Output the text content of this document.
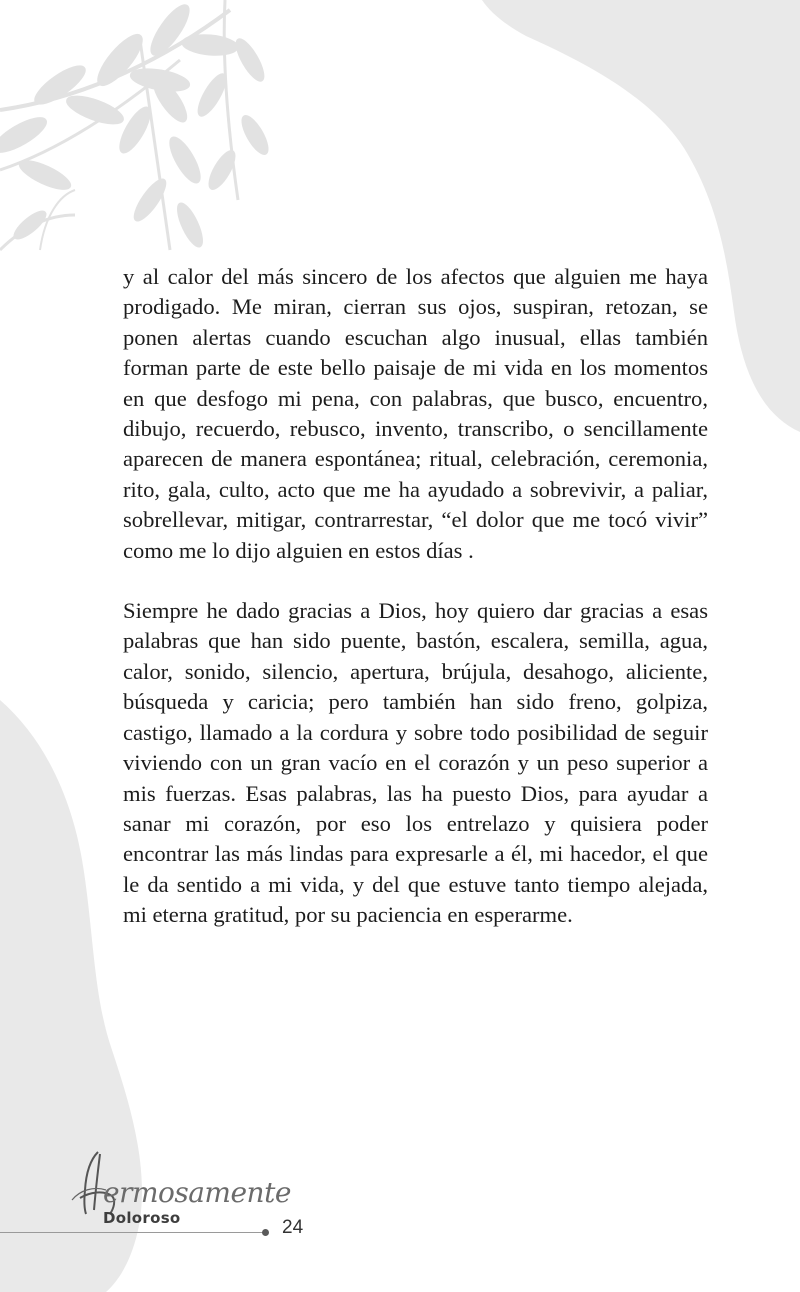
y al calor del más sincero de los afectos que alguien me haya prodigado. Me miran, cierran sus ojos, suspiran, retozan, se ponen alertas cuando escuchan algo inusual, ellas también forman parte de este bello paisaje de mi vida en los momentos en que desfogo mi pena, con palabras, que busco, encuentro, dibujo, recuerdo, rebusco, invento, transcribo, o sencillamente aparecen de manera espontánea; ritual, celebración, ceremonia, rito, gala, culto, acto que me ha ayudado a sobrevivir, a paliar, sobrellevar, mitigar, contrarrestar, “el dolor que me tocó vivir” como me lo dijo alguien en estos días .

Siempre he dado gracias a Dios, hoy quiero dar gracias a esas palabras que han sido puente, bastón, escalera, semilla, agua, calor, sonido, silencio, apertura, brújula, desahogo, aliciente, búsqueda y caricia; pero también han sido freno, golpiza, castigo, llamado a la cordura y sobre todo posibilidad de seguir viviendo con un gran vacío en el corazón y un peso superior a mis fuerzas. Esas palabras, las ha puesto Dios, para ayudar a sanar mi corazón, por eso los entrelazo y quisiera poder encontrar las más lindas para expresarle a él, mi hacedor, el que le da sentido a mi vida, y del que estuve tanto tiempo alejada, mi eterna gratitud, por su paciencia en esperarme.

ermosamente
Doloroso	24
